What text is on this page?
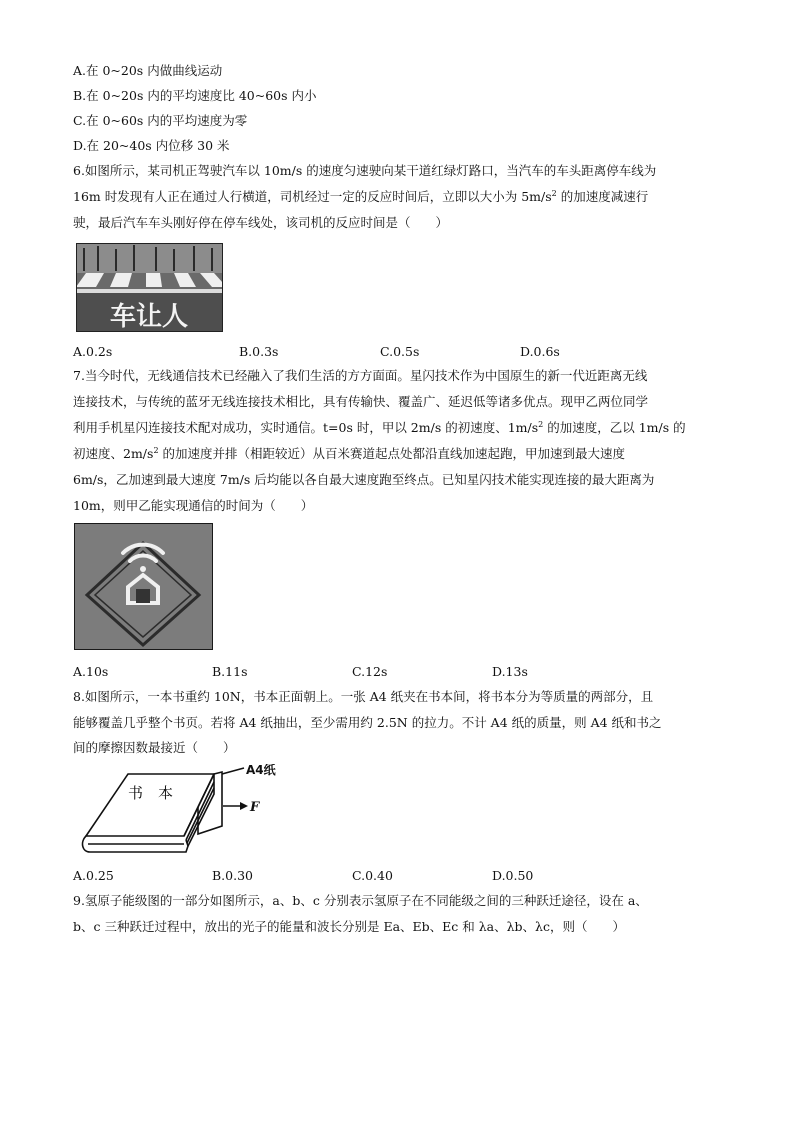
A.在 0~20s 内做曲线运动
B.在 0~20s 内的平均速度比 40~60s 内小
C.在 0~60s 内的平均速度为零
D.在 20~40s 内位移 30 米
6.如图所示，某司机正驾驶汽车以 10m/s 的速度匀速驶向某干道红绿灯路口，当汽车的车头距离停车线为
16m 时发现有人正在通过人行横道，司机经过一定的反应时间后，立即以大小为 $5m/s^2$ 的加速度减速行
驶，最后汽车车头刚好停在停车线处，该司机的反应时间是（　　）
车让人
A.0.2s	B.0.3s	C.0.5s	D.0.6s
7.当今时代，无线通信技术已经融入了我们生活的方方面面。星闪技术作为中国原生的新一代近距离无线
连接技术，与传统的蓝牙无线连接技术相比，具有传输快、覆盖广、延迟低等诸多优点。现甲乙两位同学
利用手机星闪连接技术配对成功，实时通信。t=0s 时，甲以 2m/s 的初速度、$1m/s^2$ 的加速度，乙以 1m/s 的
初速度、$2m/s^2$ 的加速度并排（相距较近）从百米赛道起点处都沿直线加速起跑，甲加速到最大速度
6m/s，乙加速到最大速度 7m/s 后均能以各自最大速度跑至终点。已知星闪技术能实现连接的最大距离为
10m，则甲乙能实现通信的时间为（　　）
A.10s	B.11s	C.12s	D.13s
8.如图所示，一本书重约 10N，书本正面朝上。一张 A4 纸夹在书本间，将书本分为等质量的两部分，且
能够覆盖几乎整个书页。若将 A4 纸抽出，至少需用约 2.5N 的拉力。不计 A4 纸的质量，则 A4 纸和书之
间的摩擦因数最接近（　　）
书　本
A4纸
F
A.0.25	B.0.30	C.0.40	D.0.50
9.氢原子能级图的一部分如图所示，a、b、c 分别表示氢原子在不同能级之间的三种跃迁途径，设在 a、
b、c 三种跃迁过程中，放出的光子的能量和波长分别是 Ea、Eb、Ec 和 λa、λb、λc，则（　　）
